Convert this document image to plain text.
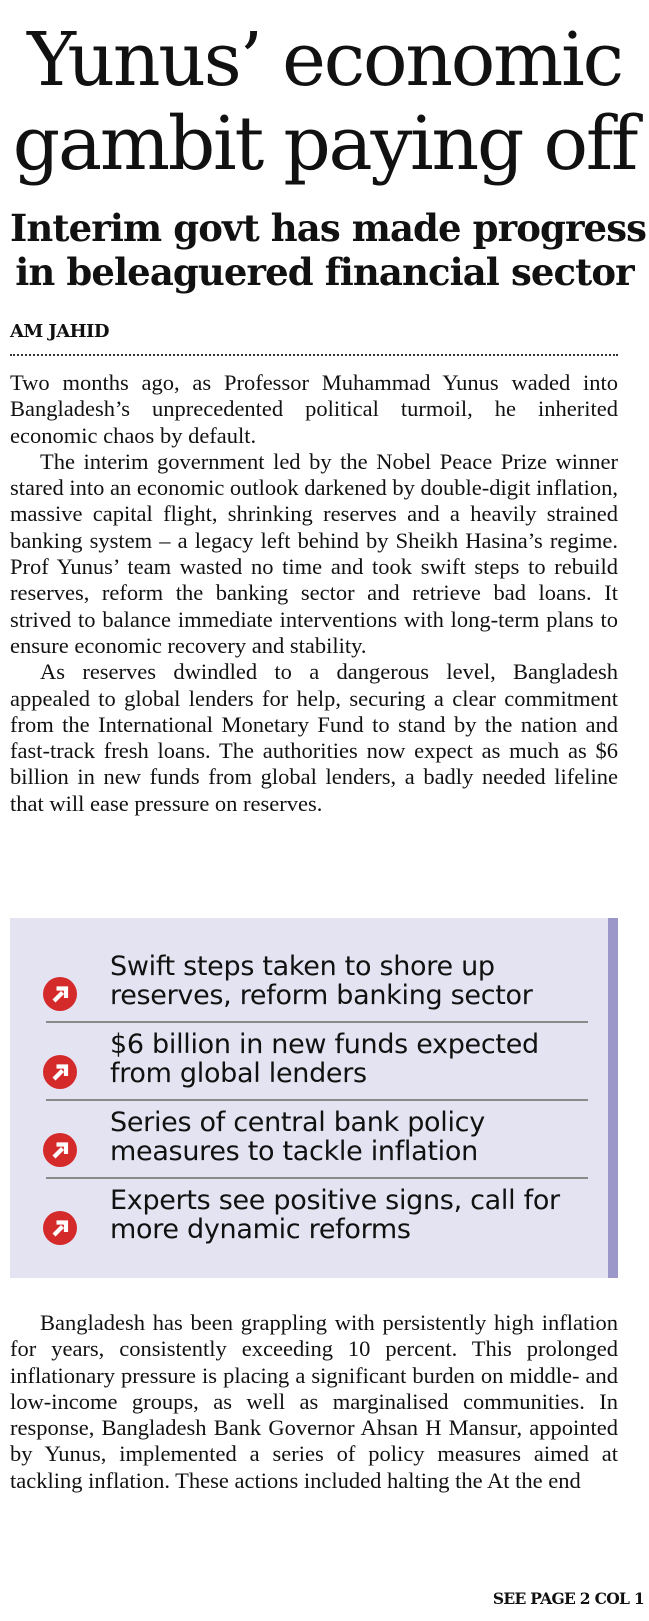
Yunus’ economic
gambit paying off
Interim govt has made progress
in beleaguered financial sector
AM JAHID

Two months ago, as Professor Muhammad Yunus waded into Bangladesh’s unprecedented political turmoil, he inherited economic chaos by default.

The interim government led by the Nobel Peace Prize winner stared into an economic outlook darkened by double-digit inflation, massive capital flight, shrinking reserves and a heavily strained banking system – a legacy left behind by Sheikh Hasina’s regime. Prof Yunus’ team wasted no time and took swift steps to rebuild reserves, reform the banking sector and retrieve bad loans. It strived to balance immediate interventions with long-term plans to ensure economic recovery and stability.

As reserves dwindled to a dangerous level, Bangladesh appealed to global lenders for help, securing a clear commitment from the International Monetary Fund to stand by the nation and fast-track fresh loans. The authorities now expect as much as $6 billion in new funds from global lenders, a badly needed lifeline that will ease pressure on reserves.

Swift steps taken to shore up
reserves, reform banking sector
$6 billion in new funds expected
from global lenders
Series of central bank policy
measures to tackle inflation
Experts see positive signs, call for
more dynamic reforms

Bangladesh has been grappling with persistently high inflation for years, consistently exceeding 10 percent. This prolonged inflationary pressure is placing a significant burden on middle- and low-income groups, as well as marginalised communities. In response, Bangladesh Bank Governor Ahsan H Mansur, appointed by Yunus, implemented a series of policy measures aimed at tackling inflation. These actions included halting the At the end

SEE PAGE 2 COL 1
